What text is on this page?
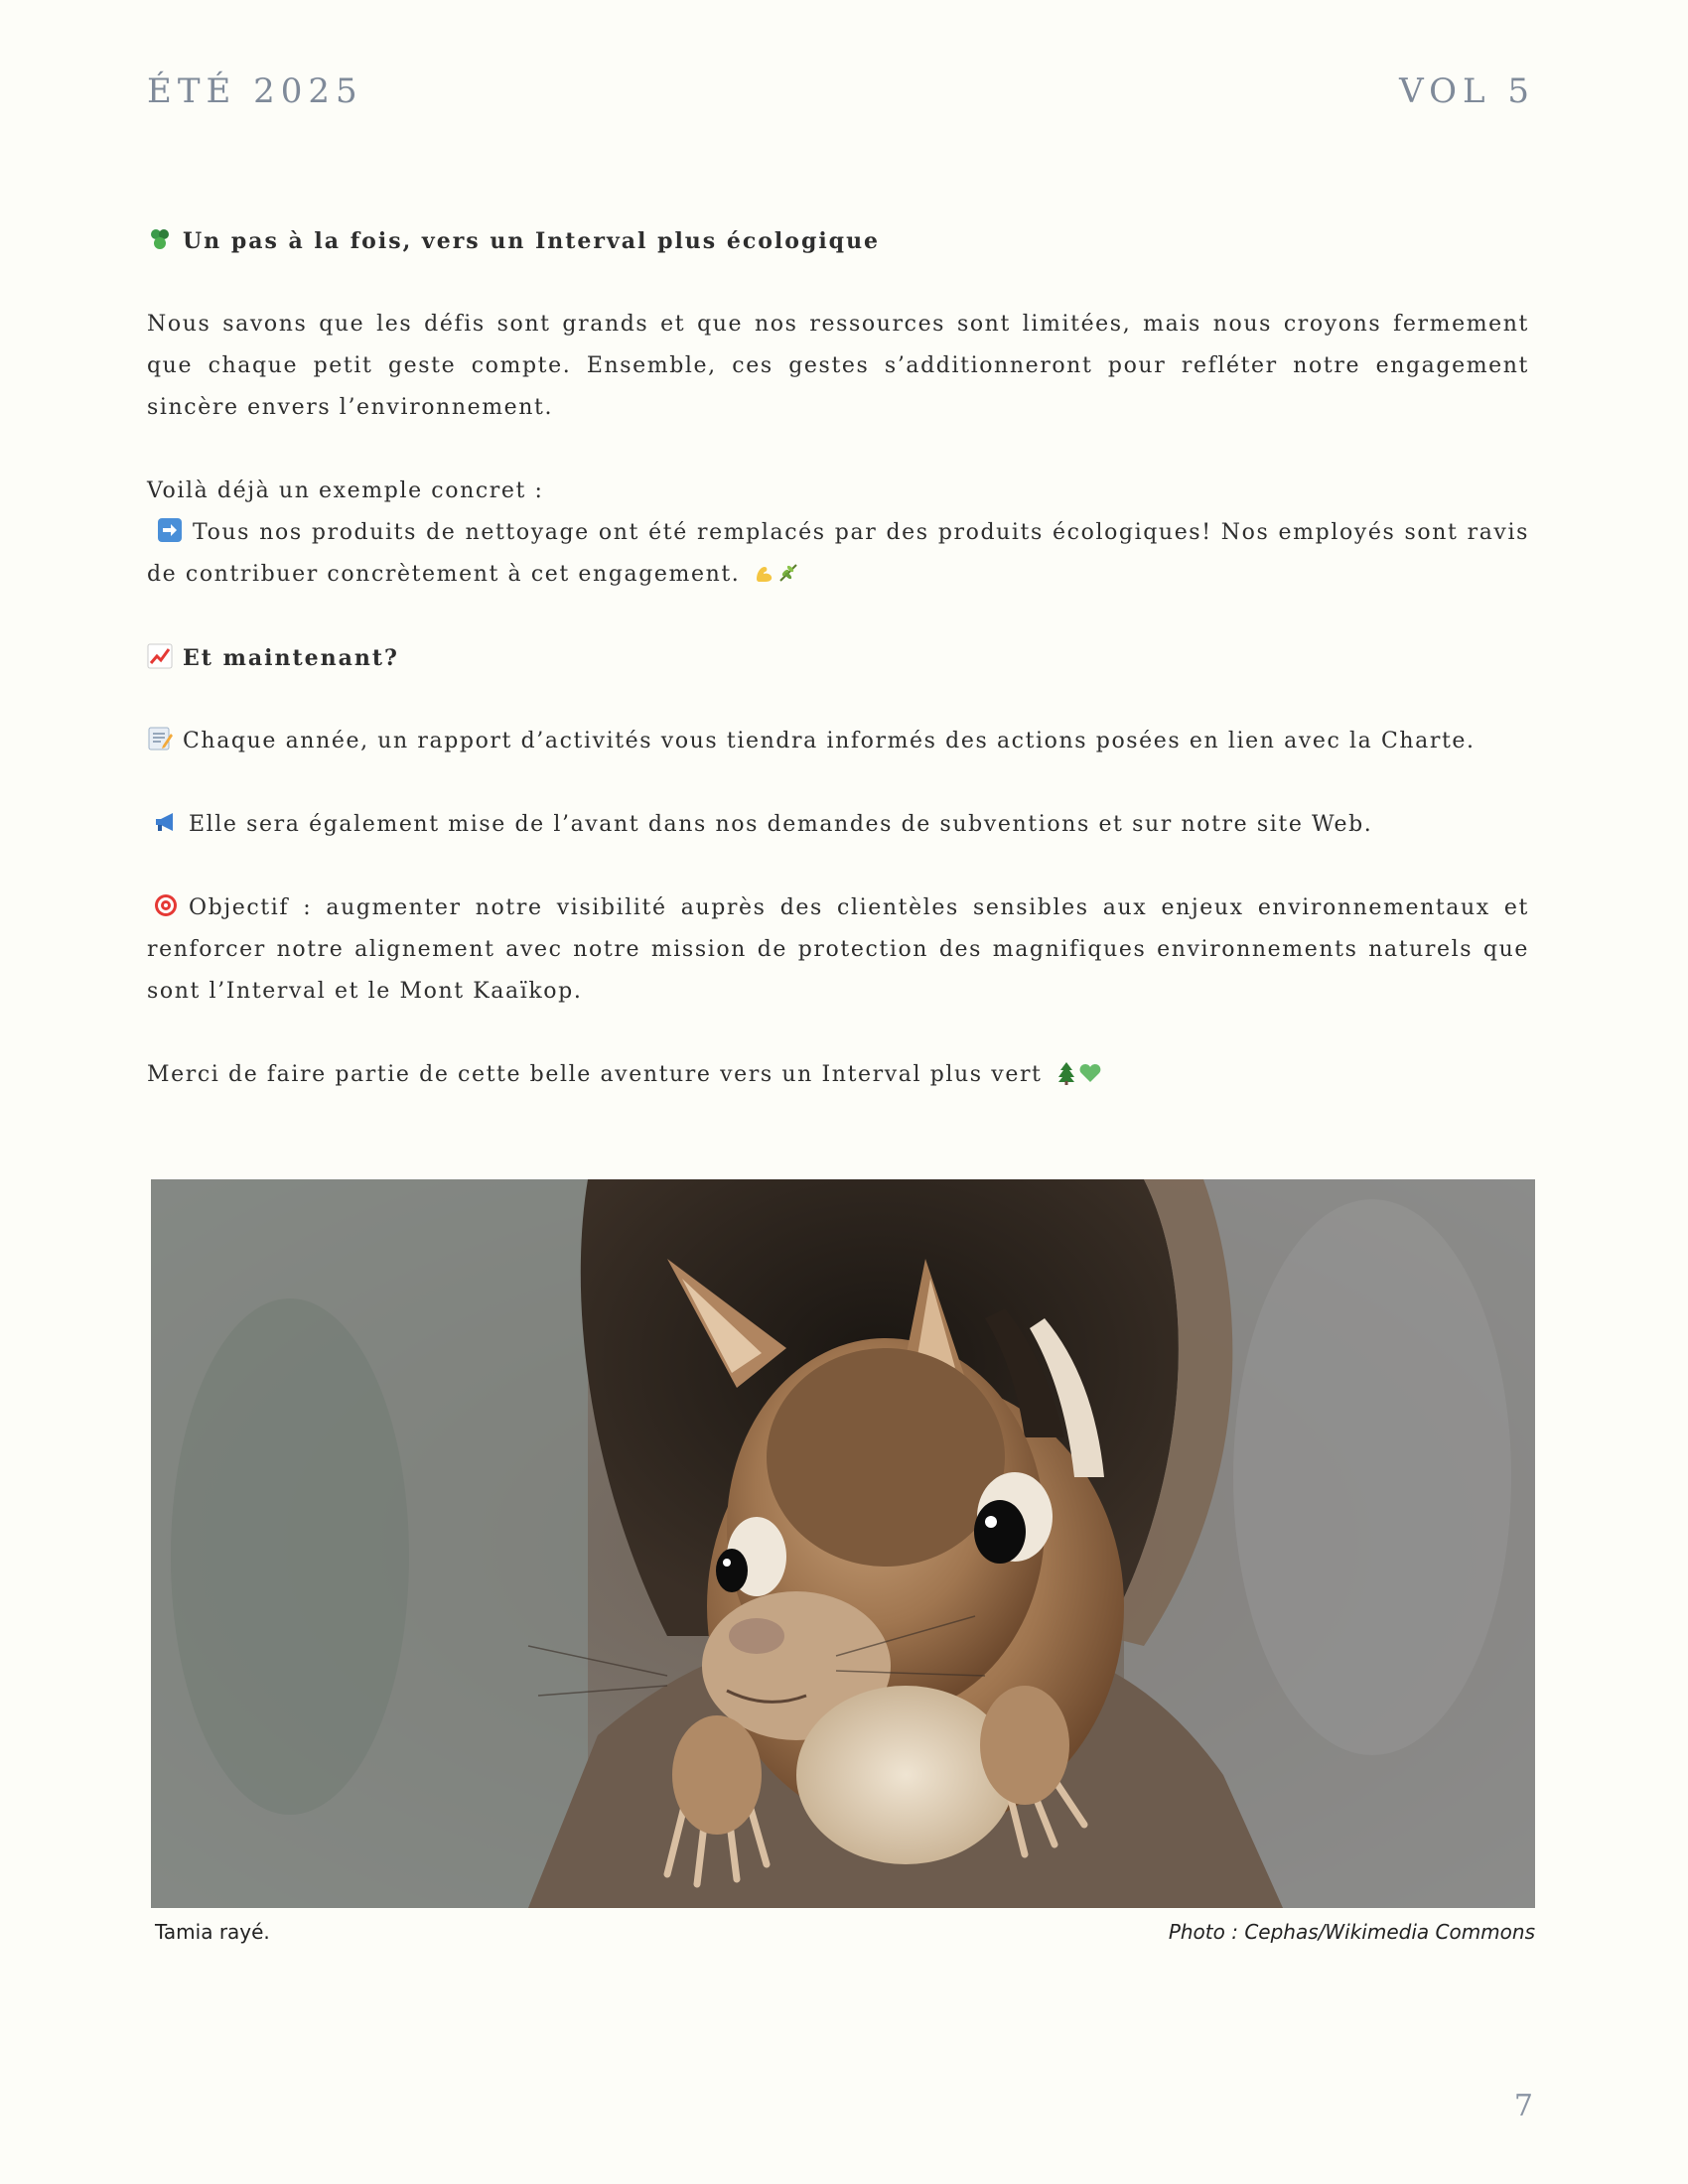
ÉTÉ 2025	VOL 5

Un pas à la fois, vers un Interval plus écologique

Nous savons que les défis sont grands et que nos ressources sont limitées, mais nous croyons fermement que chaque petit geste compte. Ensemble, ces gestes s’additionneront pour refléter notre engagement sincère envers l’environnement.

Voilà déjà un exemple concret :
Tous nos produits de nettoyage ont été remplacés par des produits écologiques! Nos employés sont ravis de contribuer concrètement à cet engagement.

Et maintenant?

Chaque année, un rapport d’activités vous tiendra informés des actions posées en lien avec la Charte.

Elle sera également mise de l’avant dans nos demandes de subventions et sur notre site Web.

Objectif : augmenter notre visibilité auprès des clientèles sensibles aux enjeux environnementaux et renforcer notre alignement avec notre mission de protection des magnifiques environnements naturels que sont l’Interval et le Mont Kaaïkop.

Merci de faire partie de cette belle aventure vers un Interval plus vert

Tamia rayé.	Photo : Cephas/Wikimedia Commons
7
